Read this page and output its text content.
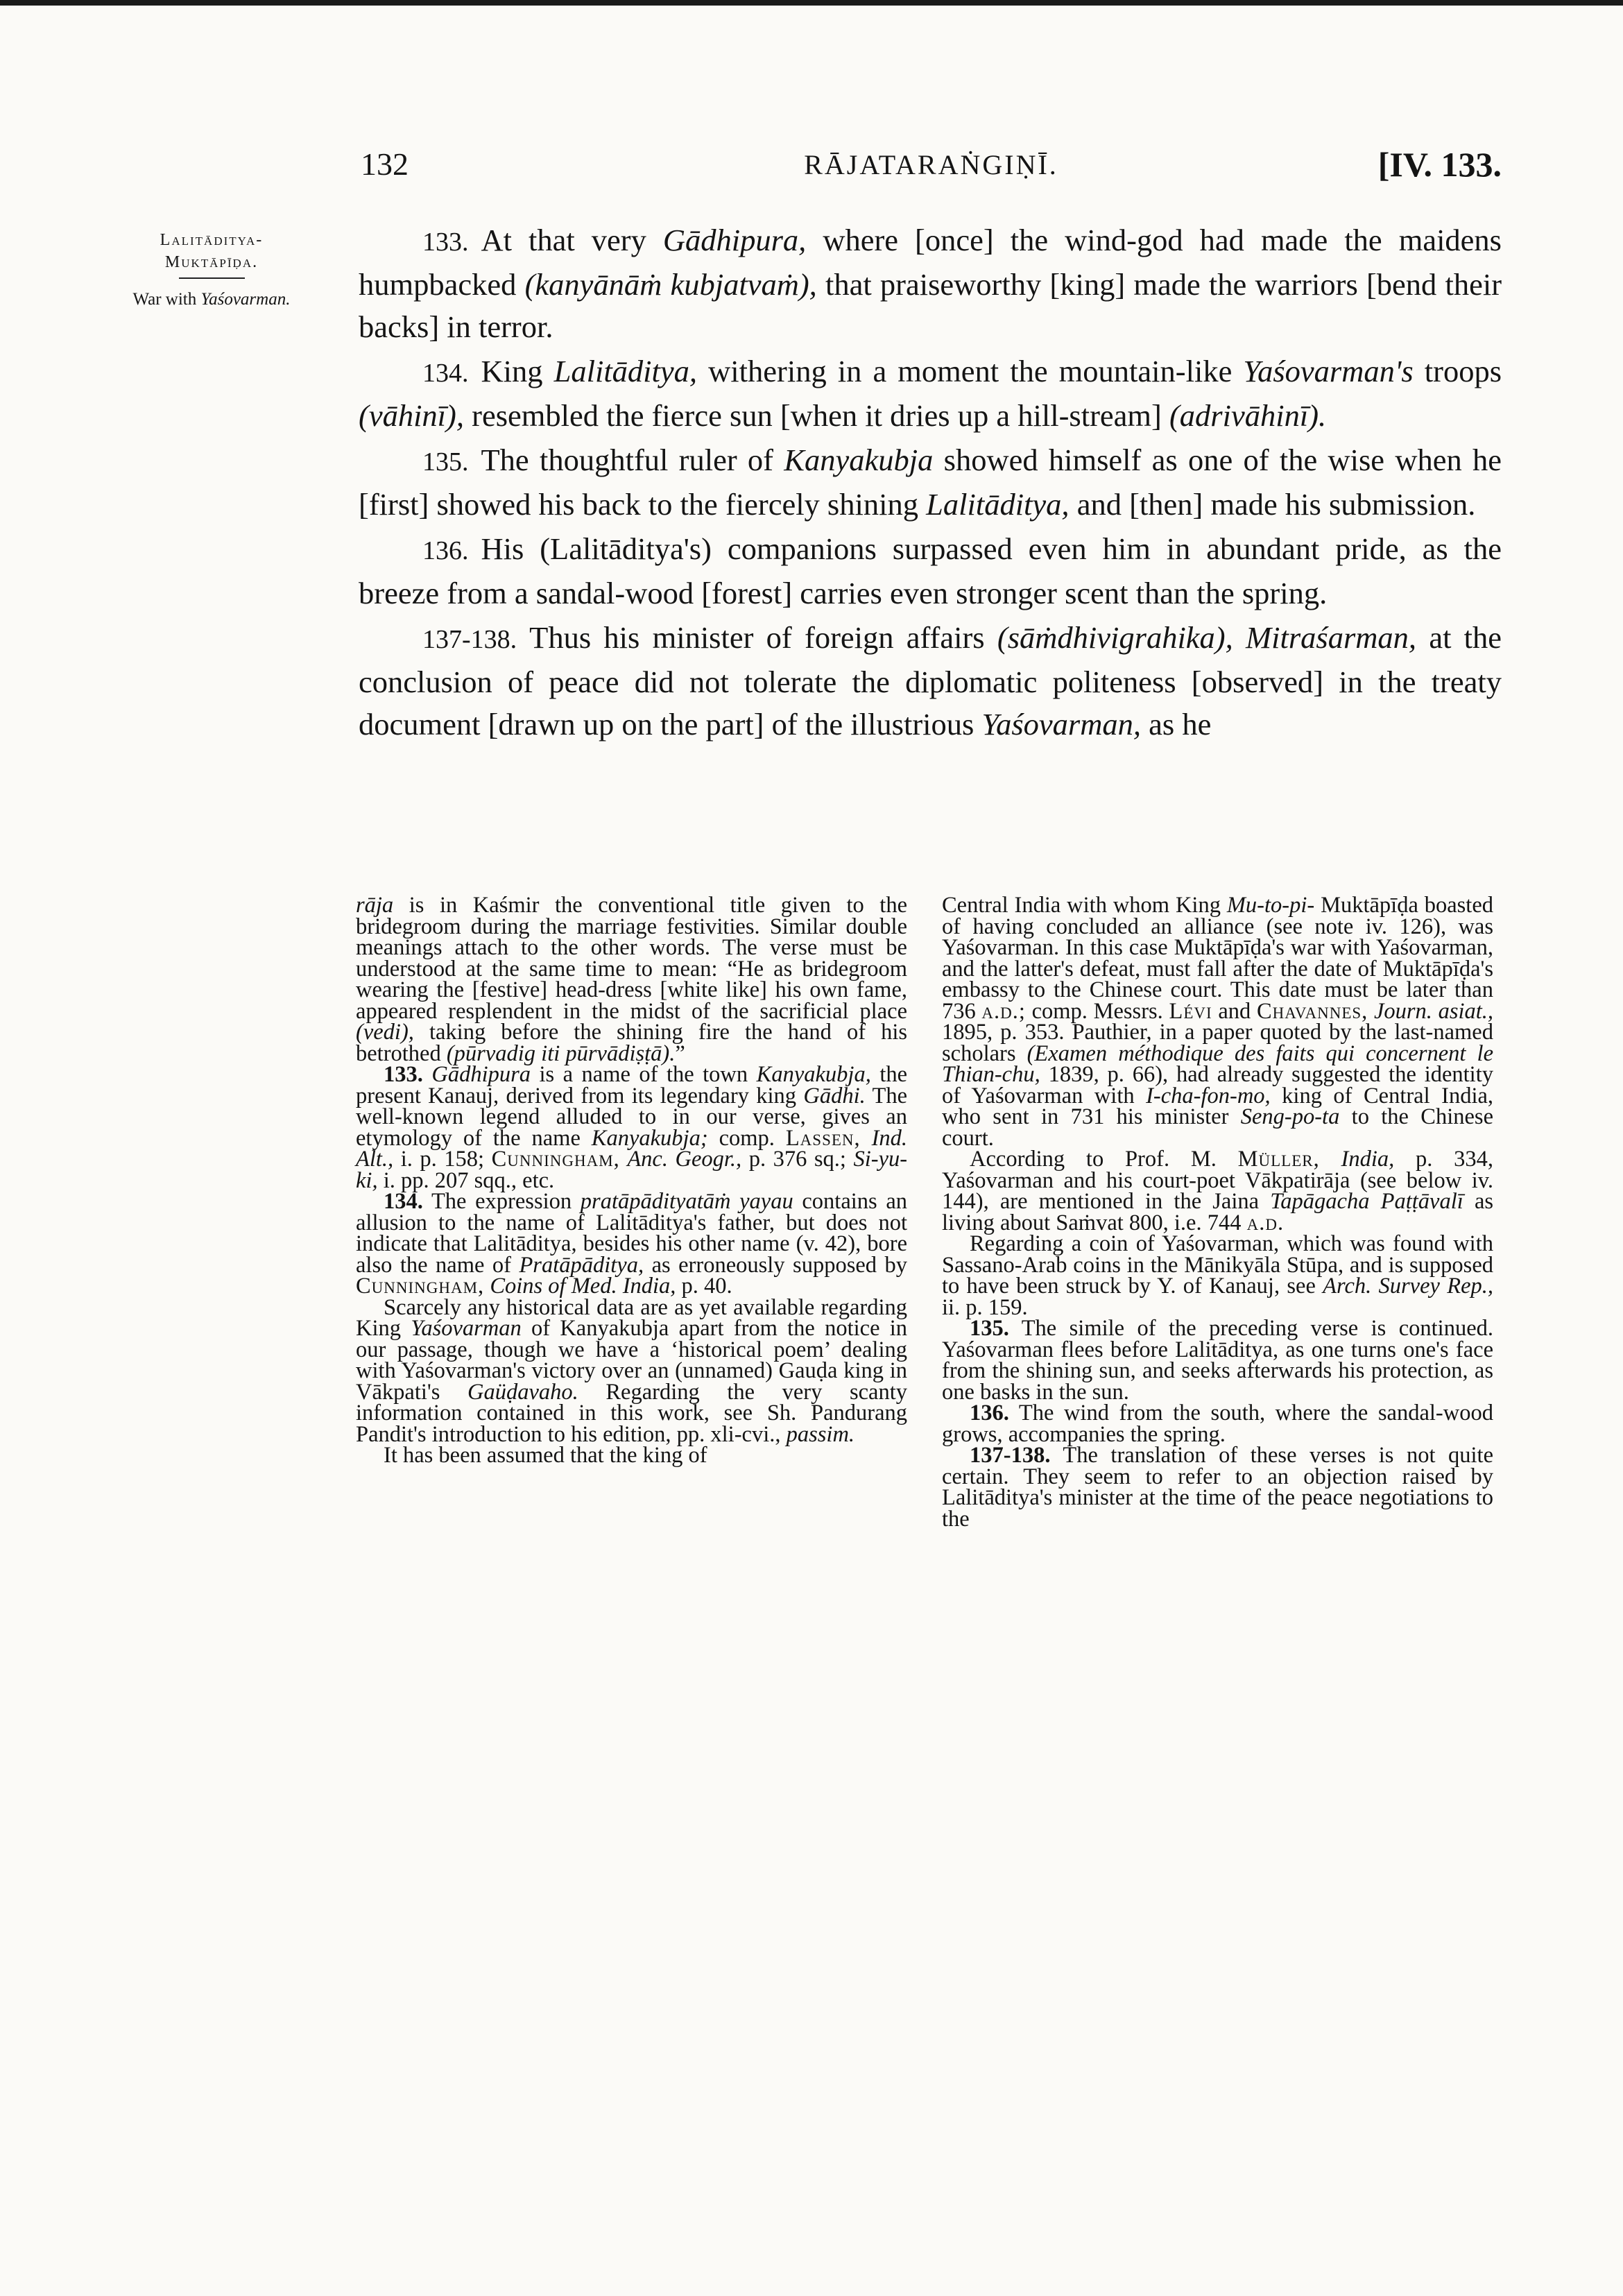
132	RĀJATARAṄGIṆĪ.	[IV. 133.
Lalitāditya-
Muktāpīḍa.
War with Yaśovarman.

133. At that very Gādhipura, where [once] the wind-god had made the maidens humpbacked (kanyānāṁ kubjatvaṁ), that praiseworthy [king] made the warriors [bend their backs] in terror.

134. King Lalitāditya, withering in a moment the mountain-like Yaśovarman's troops (vāhinī), resembled the fierce sun [when it dries up a hill-stream] (adrivāhinī).

135. The thoughtful ruler of Kanyakubja showed himself as one of the wise when he [first] showed his back to the fiercely shining Lalitāditya, and [then] made his submission.

136. His (Lalitāditya's) companions surpassed even him in abundant pride, as the breeze from a sandal-wood [forest] carries even stronger scent than the spring.

137-138. Thus his minister of foreign affairs (sāṁdhivigrahika), Mitraśarman, at the conclusion of peace did not tolerate the diplomatic politeness [observed] in the treaty document [drawn up on the part] of the illustrious Yaśovarman, as he

rāja is in Kaśmir the conventional title given to the bridegroom during the marriage festivities. Similar double meanings attach to the other words. The verse must be understood at the same time to mean: “He as bridegroom wearing the [festive] head-dress [white like] his own fame, appeared resplendent in the midst of the sacrificial place (vedi), taking before the shining fire the hand of his betrothed (pūrvadig iti pūrvādiṣṭā).”

133. Gādhipura is a name of the town Kanyakubja, the present Kanauj, derived from its legendary king Gādhi. The well-known legend alluded to in our verse, gives an etymology of the name Kanyakubja; comp. Lassen, Ind. Alt., i. p. 158; Cunningham, Anc. Geogr., p. 376 sq.; Si-yu-ki, i. pp. 207 sqq., etc.

134. The expression pratāpādityatāṁ yayau contains an allusion to the name of Lalitāditya's father, but does not indicate that Lalitāditya, besides his other name (v. 42), bore also the name of Pratāpāditya, as erroneously supposed by Cunningham, Coins of Med. India, p. 40.

Scarcely any historical data are as yet available regarding King Yaśovarman of Kanyakubja apart from the notice in our passage, though we have a ‘historical poem’ dealing with Yaśovarman's victory over an (unnamed) Gauḍa king in Vākpati's Gaüḍavaho. Regarding the very scanty information contained in this work, see Sh. Pandurang Pandit's introduction to his edition, pp. xli-cvi., passim.

It has been assumed that the king of

Central India with whom King Mu-to-pi- Muktāpīḍa boasted of having concluded an alliance (see note iv. 126), was Yaśovarman. In this case Muktāpīḍa's war with Yaśovarman, and the latter's defeat, must fall after the date of Muktāpīḍa's embassy to the Chinese court. This date must be later than 736 a.d.; comp. Messrs. Lévi and Chavannes, Journ. asiat., 1895, p. 353. Pauthier, in a paper quoted by the last-named scholars (Examen méthodique des faits qui concernent le Thian-chu, 1839, p. 66), had already suggested the identity of Yaśovarman with I-cha-fon-mo, king of Central India, who sent in 731 his minister Seng-po-ta to the Chinese court.

According to Prof. M. Müller, India, p. 334, Yaśovarman and his court-poet Vākpatirāja (see below iv. 144), are mentioned in the Jaina Tapāgacha Paṭṭāvalī as living about Saṁvat 800, i.e. 744 a.d.

Regarding a coin of Yaśovarman, which was found with Sassano-Arab coins in the Mānikyāla Stūpa, and is supposed to have been struck by Y. of Kanauj, see Arch. Survey Rep., ii. p. 159.

135. The simile of the preceding verse is continued. Yaśovarman flees before Lalitāditya, as one turns one's face from the shining sun, and seeks afterwards his protection, as one basks in the sun.

136. The wind from the south, where the sandal-wood grows, accompanies the spring.

137-138. The translation of these verses is not quite certain. They seem to refer to an objection raised by Lalitāditya's minister at the time of the peace negotiations to the
